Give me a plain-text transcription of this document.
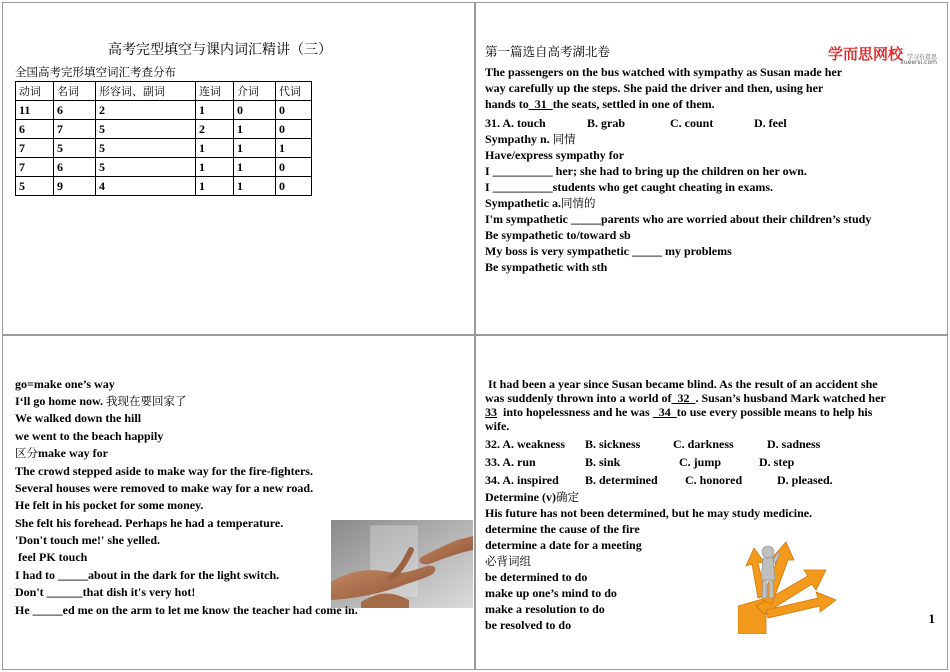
高考完型填空与课内词汇精讲（三）
全国高考完形填空词汇考查分布
动词	名词	形容词、副词	连词	介词	代词
11	6	2	1	0	0
6	7	5	2	1	0
7	5	5	1	1	1
7	6	5	1	1	0
5	9	4	1	1	0
第一篇选自高考湖北卷	学而思网校 学习有意思
xueersi.com
The passengers on the bus watched with sympathy as Susan made her
way carefully up the steps. She paid the driver and then, using her
hands to  31  the seats, settled in one of them.
31. A. touch	B. grab	C. count	D. feel
Sympathy n. 同情
Have/express sympathy for
I __________ her; she had to bring up the children on her own.
I __________students who get caught cheating in exams.
Sympathetic a.同情的
I'm sympathetic _____parents who are worried about their children’s study
Be sympathetic to/toward sb
My boss is very sympathetic _____ my problems
Be sympathetic with sth
go=make one’s way
I‘ll go home now. 我现在要回家了
We walked down the hill
we went to the beach happily
区分make way for
The crowd stepped aside to make way for the fire-fighters.
Several houses were removed to make way for a new road.
He felt in his pocket for some money.
She felt his forehead. Perhaps he had a temperature.
'Don't touch me!' she yelled.
feel PK touch
I had to _____about in the dark for the light switch.
Don't ______that dish it's very hot!
He _____ed me on the arm to let me know the teacher had come in.
It had been a year since Susan became blind. As the result of an accident she
was suddenly thrown into a world of  32  . Susan’s husband Mark watched her
33  into hopelessness and he was   34  to use every possible means to help his
wife.
32. A. weakness B. sickness	C. darkness	D. sadness
33. A. run	B. sink	C. jump	D. step
34. A. inspired B. determined C. honored	D. pleased.
Determine (v)确定
His future has not been determined, but he may study medicine.
determine the cause of the fire
determine a date for a meeting
必背词组
be determined to do
make up one’s mind to do
make a resolution to do
be resolved to do	1
